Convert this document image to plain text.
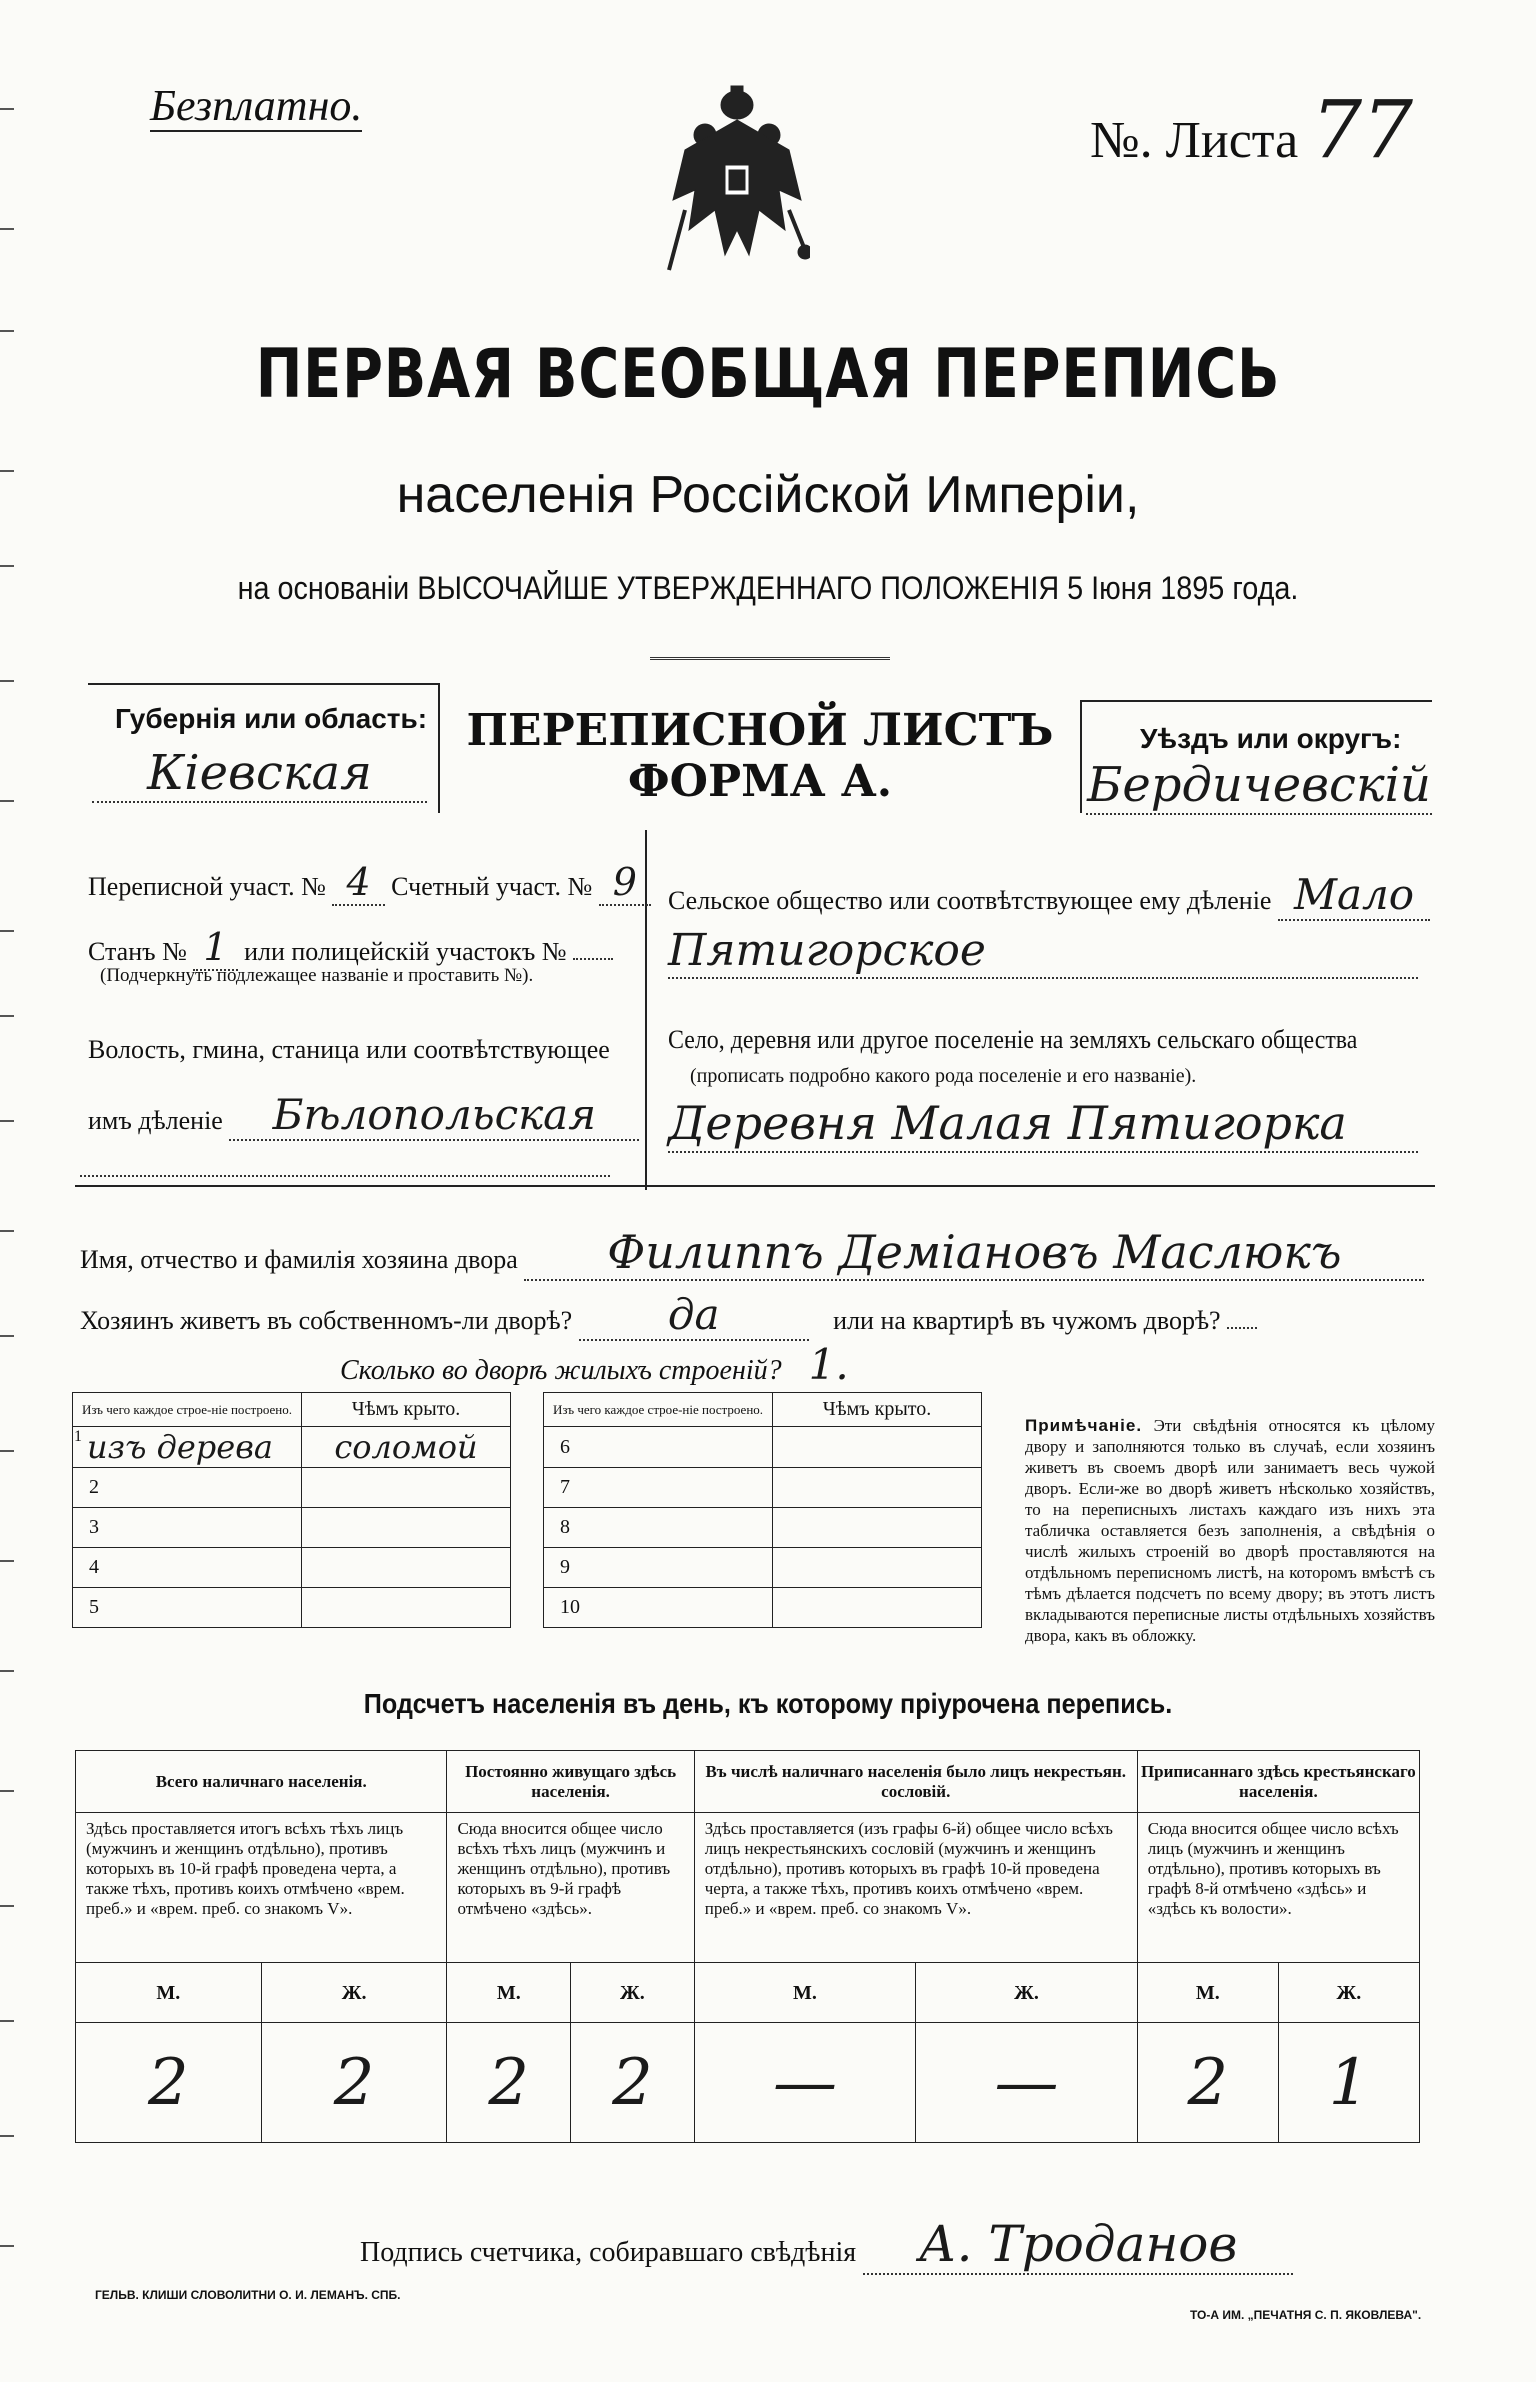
Безплатно.
№. Листа 77
ПЕРВАЯ ВСЕОБЩАЯ ПЕРЕПИСЬ
населенія Россійской Имперіи,
на основаніи ВЫСОЧАЙШЕ УТВЕРЖДЕННАГО ПОЛОЖЕНІЯ 5 Іюня 1895 года.
Губернія или область:
Кіевская
ПЕРЕПИСНОЙ ЛИСТЪ
ФОРМА А.
Уѣздъ или округъ:
Бердичевскій
Переписной участ. № 4 Счетный участ. № 9
Станъ № 1 или полицейскій участокъ №
(Подчеркнуть подлежащее названіе и проставить №).
Волость, гмина, станица или соотвѣтствующее
имъ дѣленіе Бѣлопольская
Сельское общество или соотвѣтствующее ему дѣленіе Мало
Пятигорское
Село, деревня или другое поселеніе на земляхъ сельскаго общества
(прописать подробно какого рода поселеніе и его названіе).
Деревня Малая Пятигорка
Имя, отчество и фамилія хозяина двора Филиппъ Деміановъ Маслюкъ
Хозяинъ живетъ въ собственномъ-ли дворѣ? да	или на квартирѣ въ чужомъ дворѣ?
Сколько во дворѣ жилыхъ строеній? 1.
Изъ чего каждое строе-ніе построено.	Чѣмъ крыто.		Изъ чего каждое строе-ніе построено.	Чѣмъ крыто.
$^1$ изъ дерева	соломой		6	
2			7	
3			8	
4			9	
5			10	
Примѣчаніе. Эти свѣдѣнія относятся къ цѣлому двору и заполняются только въ случаѣ, если хозяинъ живетъ въ своемъ дворѣ или занимаетъ весь чужой дворъ. Если-же во дворѣ живетъ нѣсколько хозяйствъ, то на переписныхъ листахъ каждаго изъ нихъ эта табличка оставляется безъ заполненія, а свѣдѣнія о числѣ жилыхъ строеній во дворѣ проставляются на отдѣльномъ переписномъ листѣ, на которомъ вмѣстѣ съ тѣмъ дѣлается подсчетъ по всему двору; въ этотъ листъ вкладываются переписные листы отдѣльныхъ хозяйствъ двора, какъ въ обложку.
Подсчетъ населенія въ день, къ которому пріурочена перепись.
Всего наличнаго населенія.		Постоянно живущаго здѣсь населенія.		Въ числѣ наличнаго населенія было лицъ некрестьян. сословій.		Приписаннаго здѣсь крестьянскаго населенія.	
Здѣсь проставляется итогъ всѣхъ тѣхъ лицъ (мужчинъ и женщинъ отдѣльно), противъ которыхъ въ 10-й графѣ проведена черта, а также тѣхъ, противъ коихъ отмѣчено «врем. преб.» и «врем. преб. со знакомъ V».		Сюда вносится общее число всѣхъ тѣхъ лицъ (мужчинъ и женщинъ отдѣльно), противъ которыхъ въ 9-й графѣ отмѣчено «здѣсь».		Здѣсь проставляется (изъ графы 6-й) общее число всѣхъ лицъ некрестьянскихъ сословій (мужчинъ и женщинъ отдѣльно), противъ которыхъ въ графѣ 10-й проведена черта, а также тѣхъ, противъ коихъ отмѣчено «врем. преб.» и «врем. преб. со знакомъ V».		Сюда вносится общее число всѣхъ лицъ (мужчинъ и женщинъ отдѣльно), противъ которыхъ въ графѣ 8-й отмѣчено «здѣсь» и «здѣсь къ волости».	
М.	Ж.	М.	Ж.	М.	Ж.	М.	Ж.
2	2	2	2	—	—	2	1
Подпись счетчика, собиравшаго свѣдѣнія А. Троданов
ГЕЛЬВ. КЛИШИ СЛОВОЛИТНИ О. И. ЛЕМАНЪ. СПБ.
ТО-А ИМ. „ПЕЧАТНЯ С. П. ЯКОВЛЕВА".
